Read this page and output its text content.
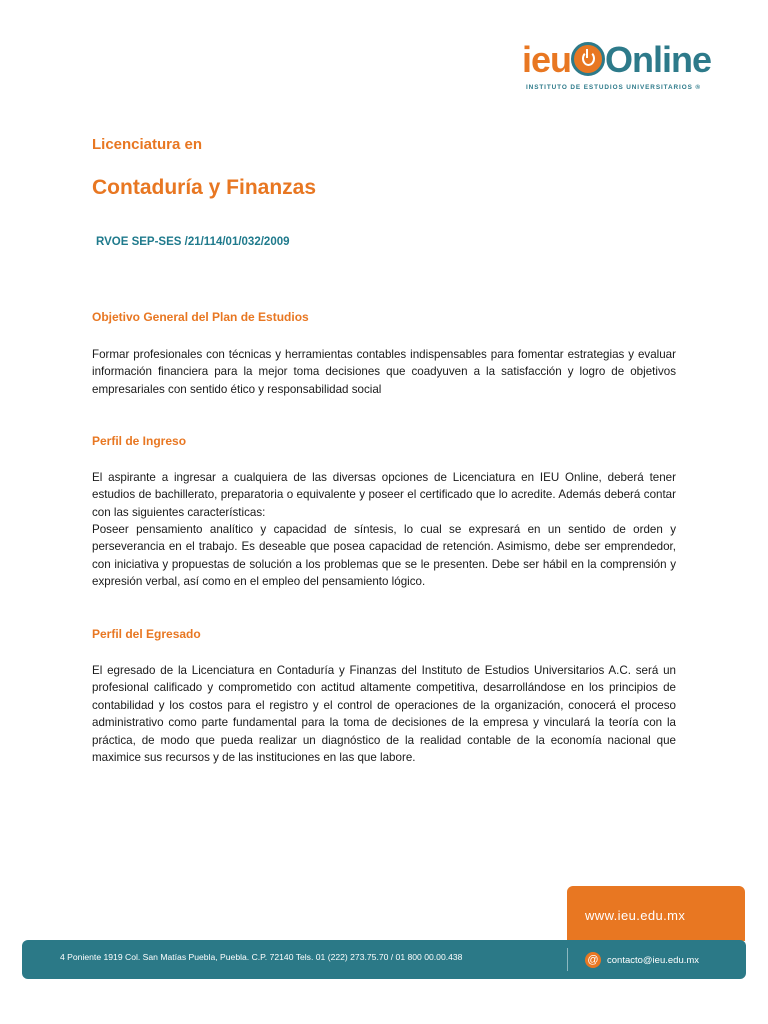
ieu Online
INSTITUTO DE ESTUDIOS UNIVERSITARIOS ®
Licenciatura en
Contaduría y Finanzas
RVOE SEP-SES /21/114/01/032/2009
Objetivo General del Plan de Estudios

Formar profesionales con técnicas y herramientas contables indispensables para fomentar estrategias y evaluar información financiera para la mejor toma decisiones que coadyuven a la satisfacción y logro de objetivos empresariales con sentido ético y responsabilidad social

Perfil de Ingreso

El aspirante a ingresar a cualquiera de las diversas opciones de Licenciatura en IEU Online, deberá tener estudios de bachillerato, preparatoria o equivalente y poseer el certificado que lo acredite. Además deberá contar con las siguientes características:

Poseer pensamiento analítico y capacidad de síntesis, lo cual se expresará en un sentido de orden y perseverancia en el trabajo. Es deseable que posea capacidad de retención. Asimismo, debe ser emprendedor, con iniciativa y propuestas de solución a los problemas que se le presenten. Debe ser hábil en la comprensión y expresión verbal, así como en el empleo del pensamiento lógico.

Perfil del Egresado

El egresado de la Licenciatura en Contaduría y Finanzas del Instituto de Estudios Universitarios A.C. será un profesional calificado y comprometido con actitud altamente competitiva, desarrollándose en los principios de contabilidad y los costos para el registro y el control de operaciones de la organización, conocerá el proceso administrativo como parte fundamental para la toma de decisiones de la empresa y vinculará la teoría con la práctica, de modo que pueda realizar un diagnóstico de la realidad contable de la economía nacional que maximice sus recursos y de las instituciones en las que labore.

www.ieu.edu.mx
4 Poniente 1919 Col. San Matías Puebla, Puebla. C.P. 72140 Tels. 01 (222) 273.75.70 / 01 800 00.00.438	@ contacto@ieu.edu.mx
